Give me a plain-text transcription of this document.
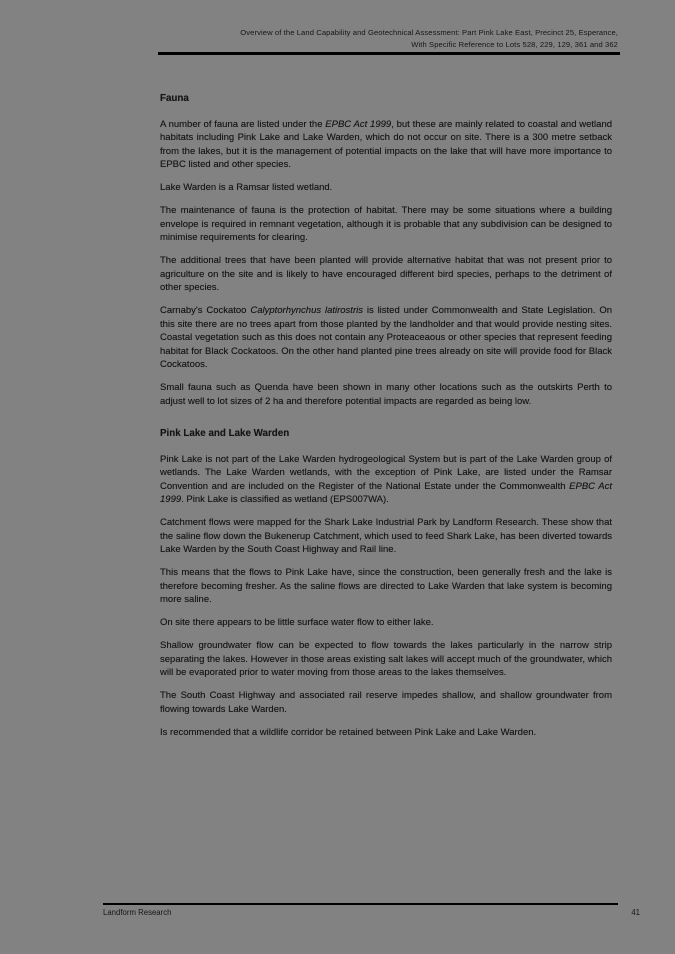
Overview of the Land Capability and Geotechnical Assessment: Part Pink Lake East, Precinct 25, Esperance,
With Specific Reference to Lots 528, 229, 129, 361 and 362
Fauna

A number of fauna are listed under the EPBC Act 1999, but these are mainly related to coastal and wetland habitats including Pink Lake and Lake Warden, which do not occur on site. There is a 300 metre setback from the lakes, but it is the management of potential impacts on the lake that will have more importance to EPBC listed and other species.

Lake Warden is a Ramsar listed wetland.

The maintenance of fauna is the protection of habitat. There may be some situations where a building envelope is required in remnant vegetation, although it is probable that any subdivision can be designed to minimise requirements for clearing.

The additional trees that have been planted will provide alternative habitat that was not present prior to agriculture on the site and is likely to have encouraged different bird species, perhaps to the detriment of other species.

Carnaby's Cockatoo Calyptorhynchus latirostris is listed under Commonwealth and State Legislation. On this site there are no trees apart from those planted by the landholder and that would provide nesting sites. Coastal vegetation such as this does not contain any Proteaceaous or other species that represent feeding habitat for Black Cockatoos. On the other hand planted pine trees already on site will provide food for Black Cockatoos.

Small fauna such as Quenda have been shown in many other locations such as the outskirts Perth to adjust well to lot sizes of 2 ha and therefore potential impacts are regarded as being low.

Pink Lake and Lake Warden

Pink Lake is not part of the Lake Warden hydrogeological System but is part of the Lake Warden group of wetlands. The Lake Warden wetlands, with the exception of Pink Lake, are listed under the Ramsar Convention and are included on the Register of the National Estate under the Commonwealth EPBC Act 1999. Pink Lake is classified as wetland (EPS007WA).

Catchment flows were mapped for the Shark Lake Industrial Park by Landform Research. These show that the saline flow down the Bukenerup Catchment, which used to feed Shark Lake, has been diverted towards Lake Warden by the South Coast Highway and Rail line.

This means that the flows to Pink Lake have, since the construction, been generally fresh and the lake is therefore becoming fresher. As the saline flows are directed to Lake Warden that lake system is becoming more saline.

On site there appears to be little surface water flow to either lake.

Shallow groundwater flow can be expected to flow towards the lakes particularly in the narrow strip separating the lakes. However in those areas existing salt lakes will accept much of the groundwater, which will be evaporated prior to water moving from those areas to the lakes themselves.

The South Coast Highway and associated rail reserve impedes shallow, and shallow groundwater from flowing towards Lake Warden.

Is recommended that a wildlife corridor be retained between Pink Lake and Lake Warden.

Landform Research	41
